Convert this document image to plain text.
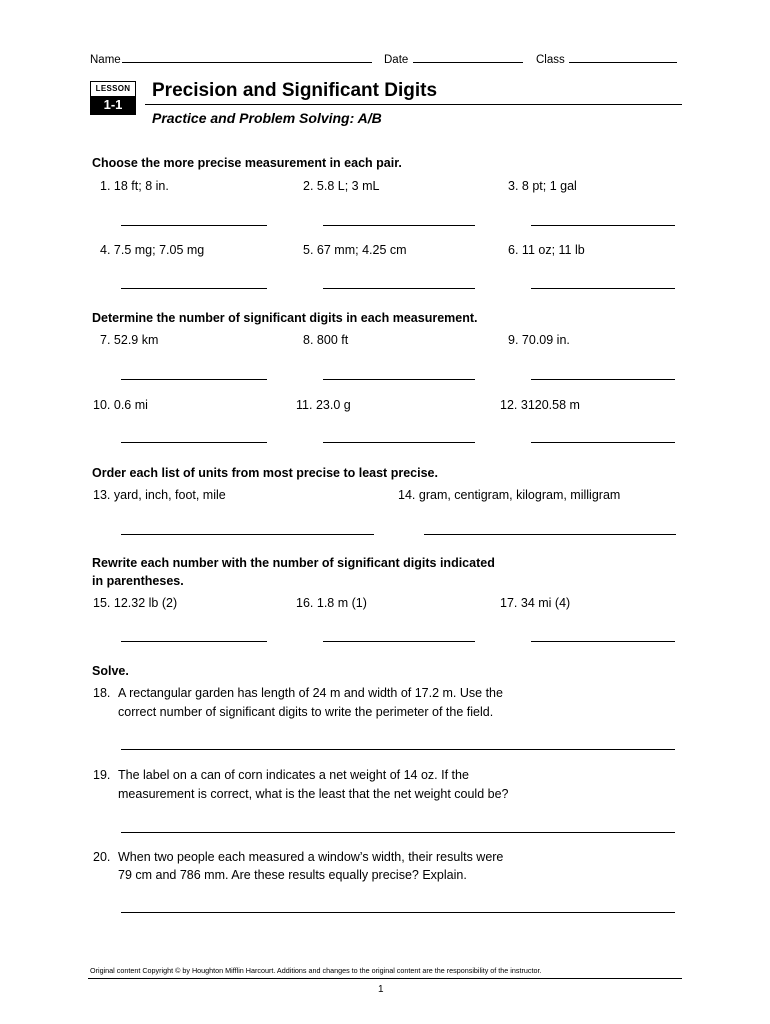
Name	Date	Class
LESSON
1-1
Precision and Significant Digits
Practice and Problem Solving: A/B
Choose the more precise measurement in each pair.
1. 18 ft; 8 in.	2. 5.8 L; 3 mL	3. 8 pt; 1 gal
4. 7.5 mg; 7.05 mg	5. 67 mm; 4.25 cm	6. 11 oz; 11 lb
Determine the number of significant digits in each measurement.
7. 52.9 km	8. 800 ft	9. 70.09 in.
10. 0.6 mi	11. 23.0 g	12. 3120.58 m
Order each list of units from most precise to least precise.
13. yard, inch, foot, mile	14. gram, centigram, kilogram, milligram
Rewrite each number with the number of significant digits indicated
in parentheses.
15. 12.32 lb (2)	16. 1.8 m (1)	17. 34 mi (4)
Solve.
18. A rectangular garden has length of 24 m and width of 17.2 m. Use the
correct number of significant digits to write the perimeter of the field.
19. The label on a can of corn indicates a net weight of 14 oz. If the
measurement is correct, what is the least that the net weight could be?
20. When two people each measured a window’s width, their results were
79 cm and 786 mm. Are these results equally precise? Explain.
Original content Copyright © by Houghton Mifflin Harcourt. Additions and changes to the original content are the responsibility of the instructor.
1
